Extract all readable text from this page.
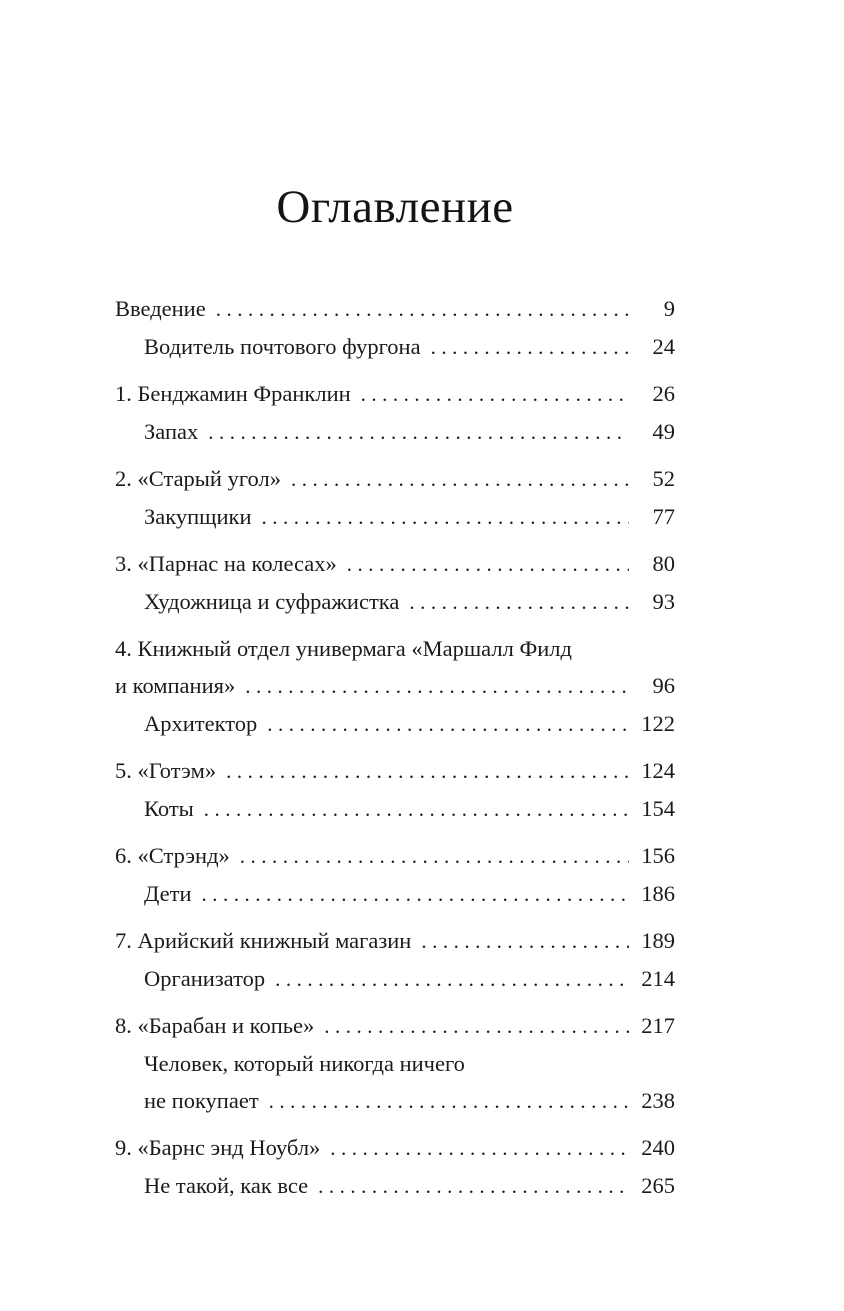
Оглавление
Введение .....	9
Водитель почтового фургона .....	24
1. Бенджамин Франклин .....	26
Запах .....	49
2. «Старый угол» .....	52
Закупщики .....	77
3. «Парнас на колесах» .....	80
Художница и суфражистка .....	93
4. Книжный отдел универмага «Маршалл Филд
и компания» .....	96
Архитектор .....	122
5. «Готэм» .....	124
Коты .....	154
6. «Стрэнд» .....	156
Дети .....	186
7. Арийский книжный магазин .....	189
Организатор .....	214
8. «Барабан и копье» .....	217
Человек, который никогда ничего
не покупает .....	238
9. «Барнс энд Ноубл» .....	240
Не такой, как все .....	265
